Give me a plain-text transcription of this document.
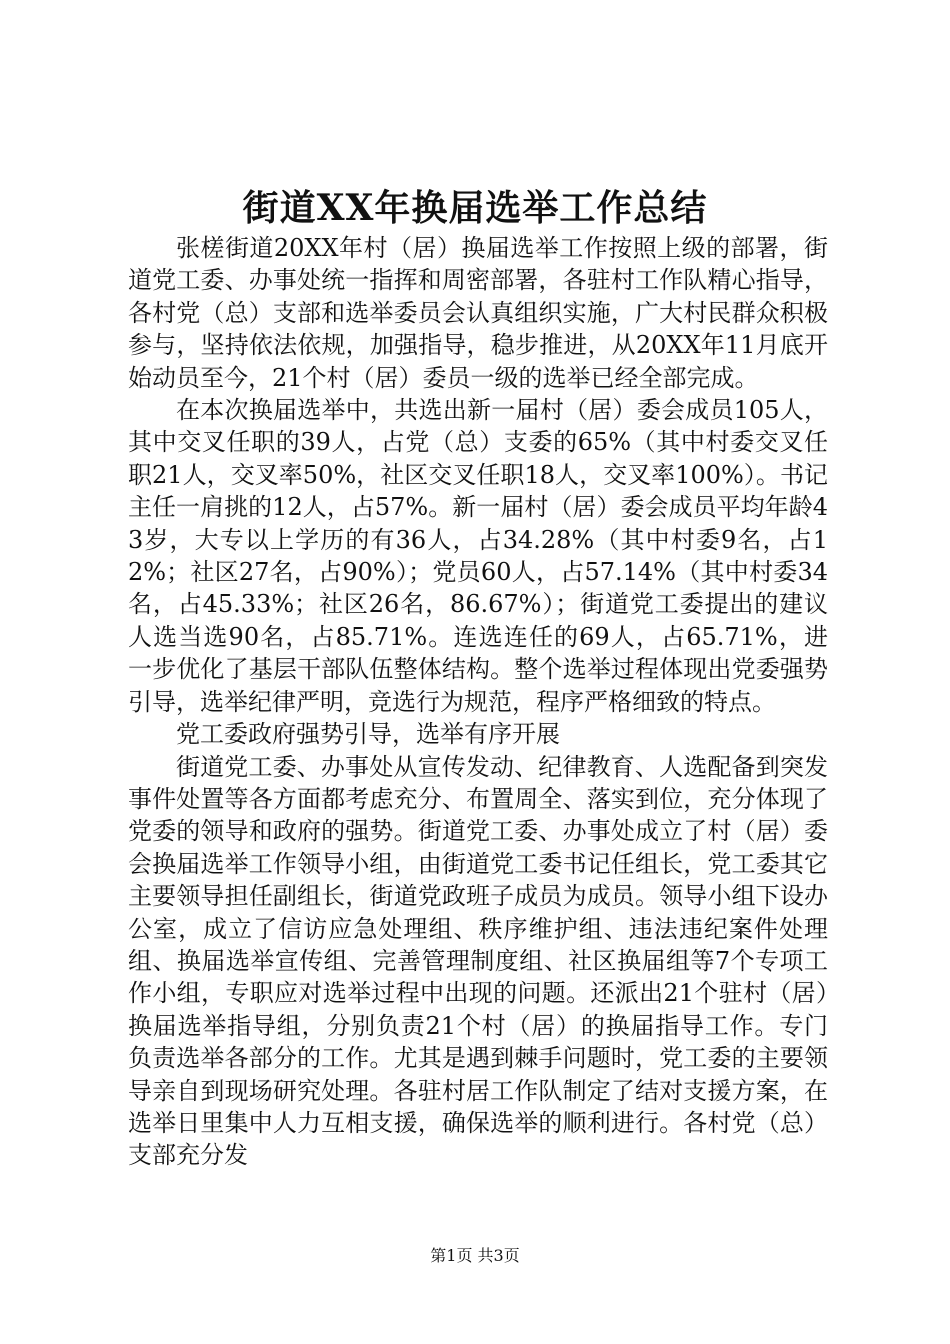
街道XX年换届选举工作总结

张槎街道20XX年村（居）换届选举工作按照上级的部署，街道党工委、办事处统一指挥和周密部署，各驻村工作队精心指导，各村党（总）支部和选举委员会认真组织实施，广大村民群众积极参与，坚持依法依规，加强指导，稳步推进，从20XX年11月底开始动员至今，21个村（居）委员一级的选举已经全部完成。

在本次换届选举中，共选出新一届村（居）委会成员105人，其中交叉任职的39人，占党（总）支委的65%（其中村委交叉任职21人，交叉率50%，社区交叉任职18人，交叉率100%）。书记主任一肩挑的12人，占57%。新一届村（居）委会成员平均年龄43岁，大专以上学历的有36人，占34.28%（其中村委9名，占12%；社区27名，占90%）；党员60人，占57.14%（其中村委34名，占45.33%；社区26名，86.67%）；街道党工委提出的建议人选当选90名，占85.71%。连选连任的69人，占65.71%，进一步优化了基层干部队伍整体结构。整个选举过程体现出党委强势引导，选举纪律严明，竞选行为规范，程序严格细致的特点。

党工委政府强势引导，选举有序开展

街道党工委、办事处从宣传发动、纪律教育、人选配备到突发事件处置等各方面都考虑充分、布置周全、落实到位，充分体现了党委的领导和政府的强势。街道党工委、办事处成立了村（居）委会换届选举工作领导小组，由街道党工委书记任组长，党工委其它主要领导担任副组长，街道党政班子成员为成员。领导小组下设办公室，成立了信访应急处理组、秩序维护组、违法违纪案件处理组、换届选举宣传组、完善管理制度组、社区换届组等7个专项工作小组，专职应对选举过程中出现的问题。还派出21个驻村（居）换届选举指导组，分别负责21个村（居）的换届指导工作。专门负责选举各部分的工作。尤其是遇到棘手问题时，党工委的主要领导亲自到现场研究处理。各驻村居工作队制定了结对支援方案，在选举日里集中人力互相支援，确保选举的顺利进行。各村党（总）支部充分发

第1页 共3页
